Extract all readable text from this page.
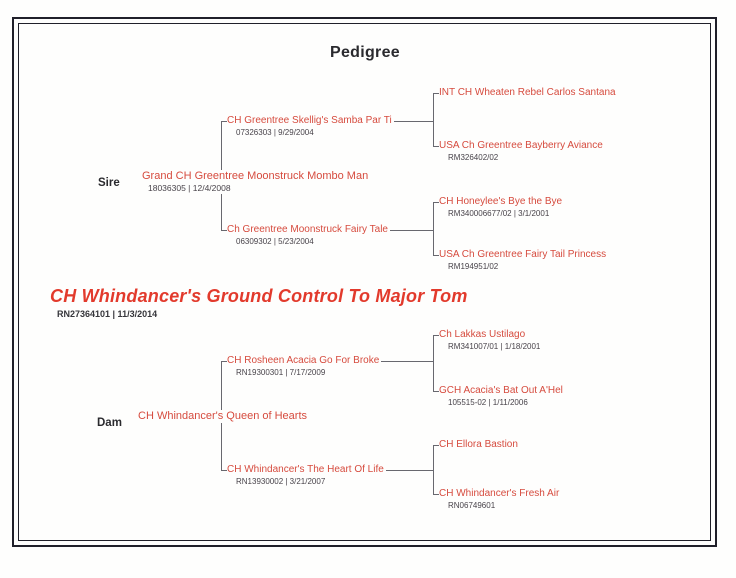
Pedigree
Sire
Dam
CH Whindancer's Ground Control To Major Tom
RN27364101 | 11/3/2014
Grand CH Greentree Moonstruck Mombo Man
18036305 | 12/4/2008
CH Whindancer's Queen of Hearts
CH Greentree Skellig's Samba Par Ti
07326303 | 9/29/2004
Ch Greentree Moonstruck Fairy Tale
06309302 | 5/23/2004
CH Rosheen Acacia Go For Broke
RN19300301 | 7/17/2009
CH Whindancer's The Heart Of Life
RN13930002 | 3/21/2007
INT CH Wheaten Rebel Carlos Santana
USA Ch Greentree Bayberry Aviance
RM326402/02
CH Honeylee's Bye the Bye
RM340006677/02 | 3/1/2001
USA Ch Greentree Fairy Tail Princess
RM194951/02
Ch Lakkas Ustilago
RM341007/01 | 1/18/2001
GCH Acacia's Bat Out A'Hel
105515-02 | 1/11/2006
CH Ellora Bastion
CH Whindancer's Fresh Air
RN06749601
